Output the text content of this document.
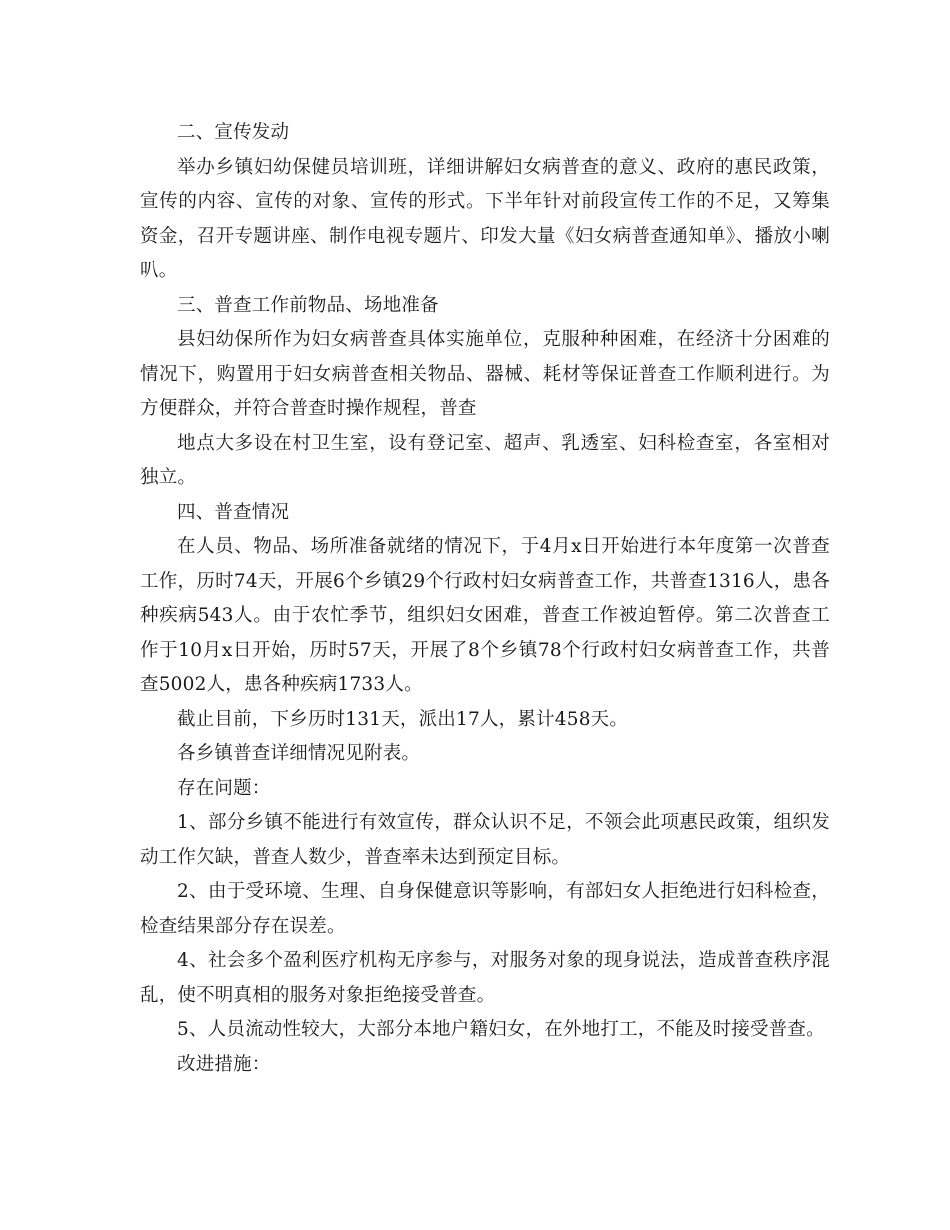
二、宣传发动

举办乡镇妇幼保健员培训班，详细讲解妇女病普查的意义、政府的惠民政策，宣传的内容、宣传的对象、宣传的形式。下半年针对前段宣传工作的不足，又筹集资金，召开专题讲座、制作电视专题片、印发大量《妇女病普查通知单》、播放小喇叭。

三、普查工作前物品、场地准备

县妇幼保所作为妇女病普查具体实施单位，克服种种困难，在经济十分困难的情况下，购置用于妇女病普查相关物品、器械、耗材等保证普查工作顺利进行。为方便群众，并符合普查时操作规程，普查

地点大多设在村卫生室，设有登记室、超声、乳透室、妇科检查室，各室相对独立。

四、普查情况

在人员、物品、场所准备就绪的情况下，于4月x日开始进行本年度第一次普查工作，历时74天，开展6个乡镇29个行政村妇女病普查工作，共普查1316人，患各种疾病543人。由于农忙季节，组织妇女困难，普查工作被迫暂停。第二次普查工作于10月x日开始，历时57天，开展了8个乡镇78个行政村妇女病普查工作，共普查5002人，患各种疾病1733人。

截止目前，下乡历时131天，派出17人，累计458天。

各乡镇普查详细情况见附表。

存在问题：

1、部分乡镇不能进行有效宣传，群众认识不足，不领会此项惠民政策，组织发动工作欠缺，普查人数少，普查率未达到预定目标。

2、由于受环境、生理、自身保健意识等影响，有部妇女人拒绝进行妇科检查，检查结果部分存在误差。

4、社会多个盈利医疗机构无序参与，对服务对象的现身说法，造成普查秩序混乱，使不明真相的服务对象拒绝接受普查。

5、人员流动性较大，大部分本地户籍妇女，在外地打工，不能及时接受普查。

改进措施：
